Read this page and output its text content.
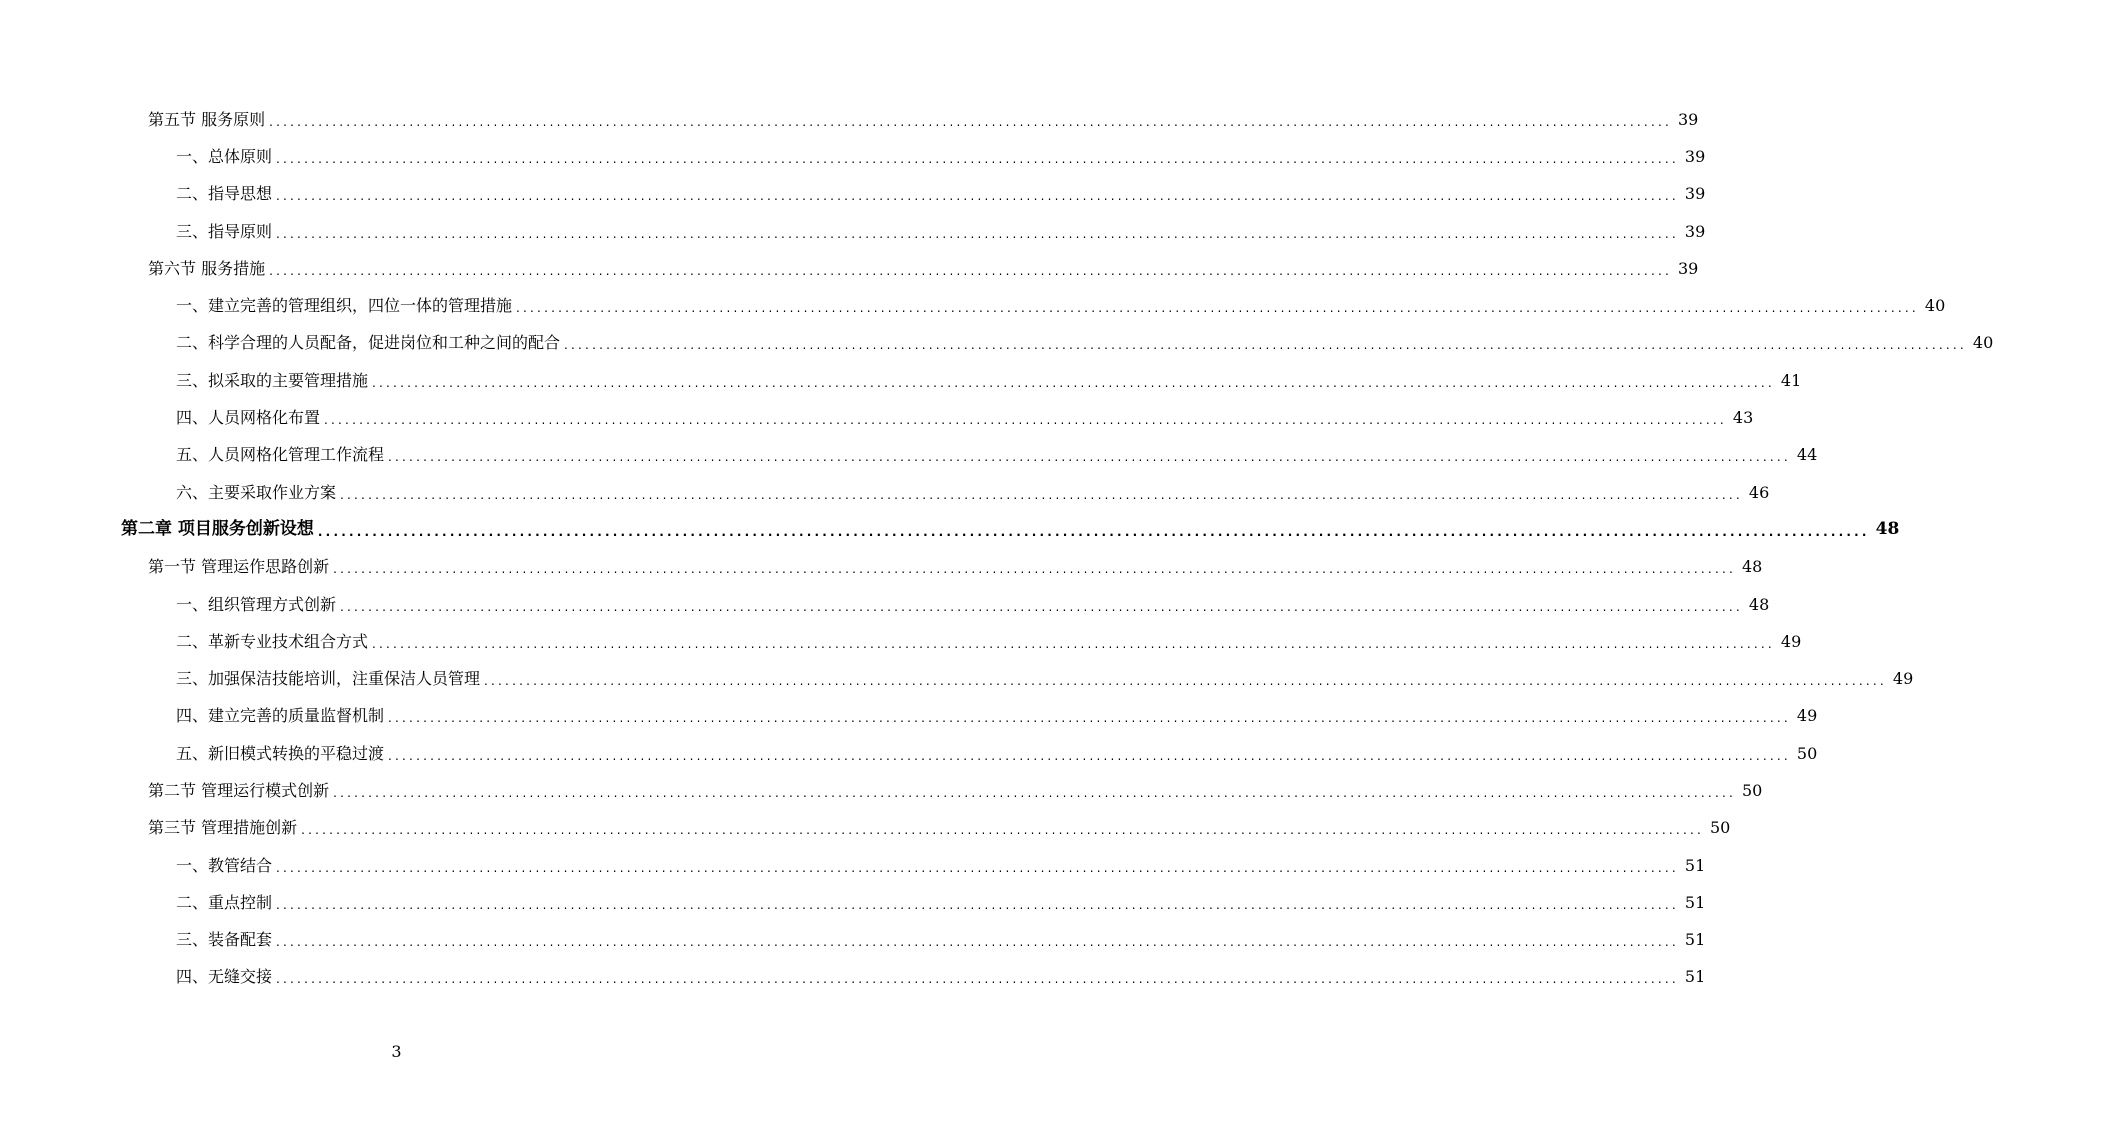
第五节 服务原则 ........................................................................................................................................................................................................ 39
一、总体原则 ........................................................................................................................................................................................................ 39
二、指导思想 ........................................................................................................................................................................................................ 39
三、指导原则 ........................................................................................................................................................................................................ 39
第六节 服务措施 ........................................................................................................................................................................................................ 39
一、建立完善的管理组织，四位一体的管理措施 ........................................................................................................................................................................................................ 40
二、科学合理的人员配备，促进岗位和工种之间的配合 ........................................................................................................................................................................................................ 40
三、拟采取的主要管理措施 ........................................................................................................................................................................................................ 41
四、人员网格化布置 ........................................................................................................................................................................................................ 43
五、人员网格化管理工作流程 ........................................................................................................................................................................................................ 44
六、主要采取作业方案 ........................................................................................................................................................................................................ 46
第二章 项目服务创新设想 ........................................................................................................................................................................................................ 48
第一节 管理运作思路创新 ........................................................................................................................................................................................................ 48
一、组织管理方式创新 ........................................................................................................................................................................................................ 48
二、革新专业技术组合方式 ........................................................................................................................................................................................................ 49
三、加强保洁技能培训，注重保洁人员管理 ........................................................................................................................................................................................................ 49
四、建立完善的质量监督机制 ........................................................................................................................................................................................................ 49
五、新旧模式转换的平稳过渡 ........................................................................................................................................................................................................ 50
第二节 管理运行模式创新 ........................................................................................................................................................................................................ 50
第三节 管理措施创新 ........................................................................................................................................................................................................ 50
一、教管结合 ........................................................................................................................................................................................................ 51
二、重点控制 ........................................................................................................................................................................................................ 51
三、装备配套 ........................................................................................................................................................................................................ 51
四、无缝交接 ........................................................................................................................................................................................................ 51
3
